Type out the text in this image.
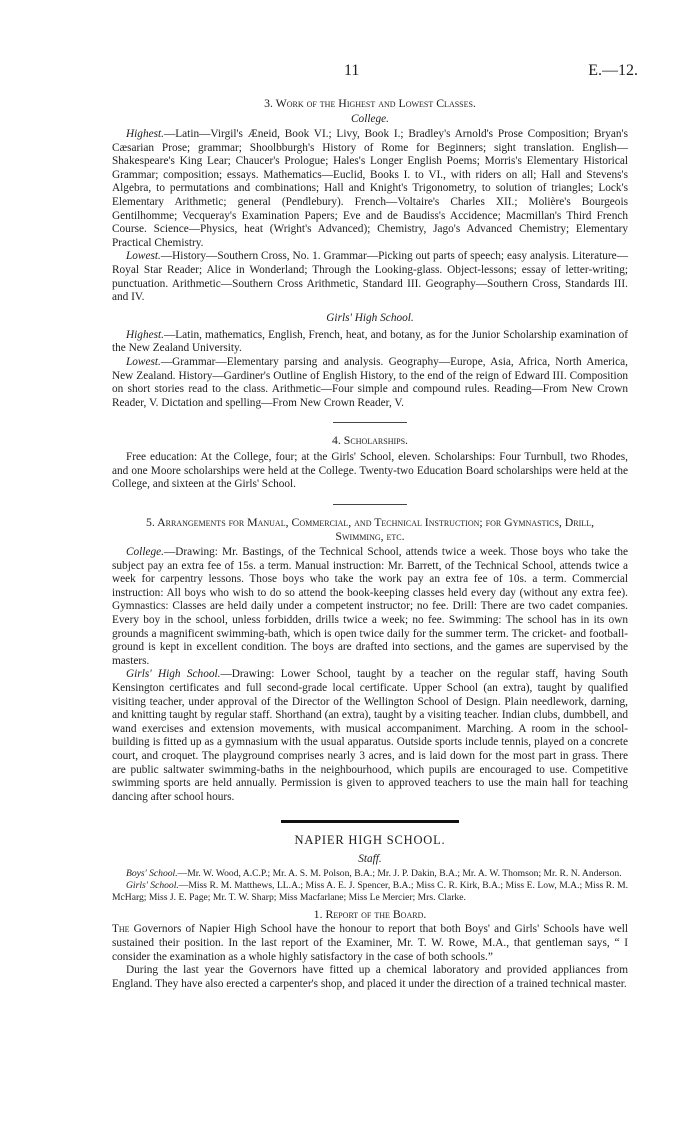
11	E.—12.
3. Work of the Highest and Lowest Classes.
College.

Highest.—Latin—Virgil's Æneid, Book VI.; Livy, Book I.; Bradley's Arnold's Prose Composition; Bryan's Cæsarian Prose; grammar; Shoolbburgh's History of Rome for Beginners; sight translation. English—Shakespeare's King Lear; Chaucer's Prologue; Hales's Longer English Poems; Morris's Elementary Historical Grammar; composition; essays. Mathematics—Euclid, Books I. to VI., with riders on all; Hall and Stevens's Algebra, to permutations and combinations; Hall and Knight's Trigonometry, to solution of triangles; Lock's Elementary Arithmetic; general (Pendlebury). French—Voltaire's Charles XII.; Molière's Bourgeois Gentilhomme; Vecqueray's Examination Papers; Eve and de Baudiss's Accidence; Macmillan's Third French Course. Science—Physics, heat (Wright's Advanced); Chemistry, Jago's Advanced Chemistry; Elementary Practical Chemistry.

Lowest.—History—Southern Cross, No. 1. Grammar—Picking out parts of speech; easy analysis. Literature—Royal Star Reader; Alice in Wonderland; Through the Looking-glass. Object-lessons; essay of letter-writing; punctuation. Arithmetic—Southern Cross Arithmetic, Standard III. Geography—Southern Cross, Standards III. and IV.

Girls' High School.

Highest.—Latin, mathematics, English, French, heat, and botany, as for the Junior Scholarship examination of the New Zealand University.

Lowest.—Grammar—Elementary parsing and analysis. Geography—Europe, Asia, Africa, North America, New Zealand. History—Gardiner's Outline of English History, to the end of the reign of Edward III. Composition on short stories read to the class. Arithmetic—Four simple and compound rules. Reading—From New Crown Reader, V. Dictation and spelling—From New Crown Reader, V.

4. Scholarships.

Free education: At the College, four; at the Girls' School, eleven. Scholarships: Four Turnbull, two Rhodes, and one Moore scholarships were held at the College. Twenty-two Education Board scholarships were held at the College, and sixteen at the Girls' School.

5. Arrangements for Manual, Commercial, and Technical Instruction; for Gymnastics, Drill, Swimming, etc.

College.—Drawing: Mr. Bastings, of the Technical School, attends twice a week. Those boys who take the subject pay an extra fee of 15s. a term. Manual instruction: Mr. Barrett, of the Technical School, attends twice a week for carpentry lessons. Those boys who take the work pay an extra fee of 10s. a term. Commercial instruction: All boys who wish to do so attend the book-keeping classes held every day (without any extra fee). Gymnastics: Classes are held daily under a competent instructor; no fee. Drill: There are two cadet companies. Every boy in the school, unless forbidden, drills twice a week; no fee. Swimming: The school has in its own grounds a magnificent swimming-bath, which is open twice daily for the summer term. The cricket- and football-ground is kept in excellent condition. The boys are drafted into sections, and the games are supervised by the masters.

Girls' High School.—Drawing: Lower School, taught by a teacher on the regular staff, having South Kensington certificates and full second-grade local certificate. Upper School (an extra), taught by qualified visiting teacher, under approval of the Director of the Wellington School of Design. Plain needlework, darning, and knitting taught by regular staff. Shorthand (an extra), taught by a visiting teacher. Indian clubs, dumbbell, and wand exercises and extension movements, with musical accompaniment. Marching. A room in the school-building is fitted up as a gymnasium with the usual apparatus. Outside sports include tennis, played on a concrete court, and croquet. The playground comprises nearly 3 acres, and is laid down for the most part in grass. There are public saltwater swimming-baths in the neighbourhood, which pupils are encouraged to use. Competitive swimming sports are held annually. Permission is given to approved teachers to use the main hall for teaching dancing after school hours.

NAPIER HIGH SCHOOL.
Staff.

Boys' School.—Mr. W. Wood, A.C.P.; Mr. A. S. M. Polson, B.A.; Mr. J. P. Dakin, B.A.; Mr. A. W. Thomson; Mr. R. N. Anderson.

Girls' School.—Miss R. M. Matthews, LL.A.; Miss A. E. J. Spencer, B.A.; Miss C. R. Kirk, B.A.; Miss E. Low, M.A.; Miss R. M. McHarg; Miss J. E. Page; Mr. T. W. Sharp; Miss Macfarlane; Miss Le Mercier; Mrs. Clarke.

1. Report of the Board.

The Governors of Napier High School have the honour to report that both Boys' and Girls' Schools have well sustained their position. In the last report of the Examiner, Mr. T. W. Rowe, M.A., that gentleman says, “ I consider the examination as a whole highly satisfactory in the case of both schools.”

During the last year the Governors have fitted up a chemical laboratory and provided appliances from England. They have also erected a carpenter's shop, and placed it under the direction of a trained technical master.
